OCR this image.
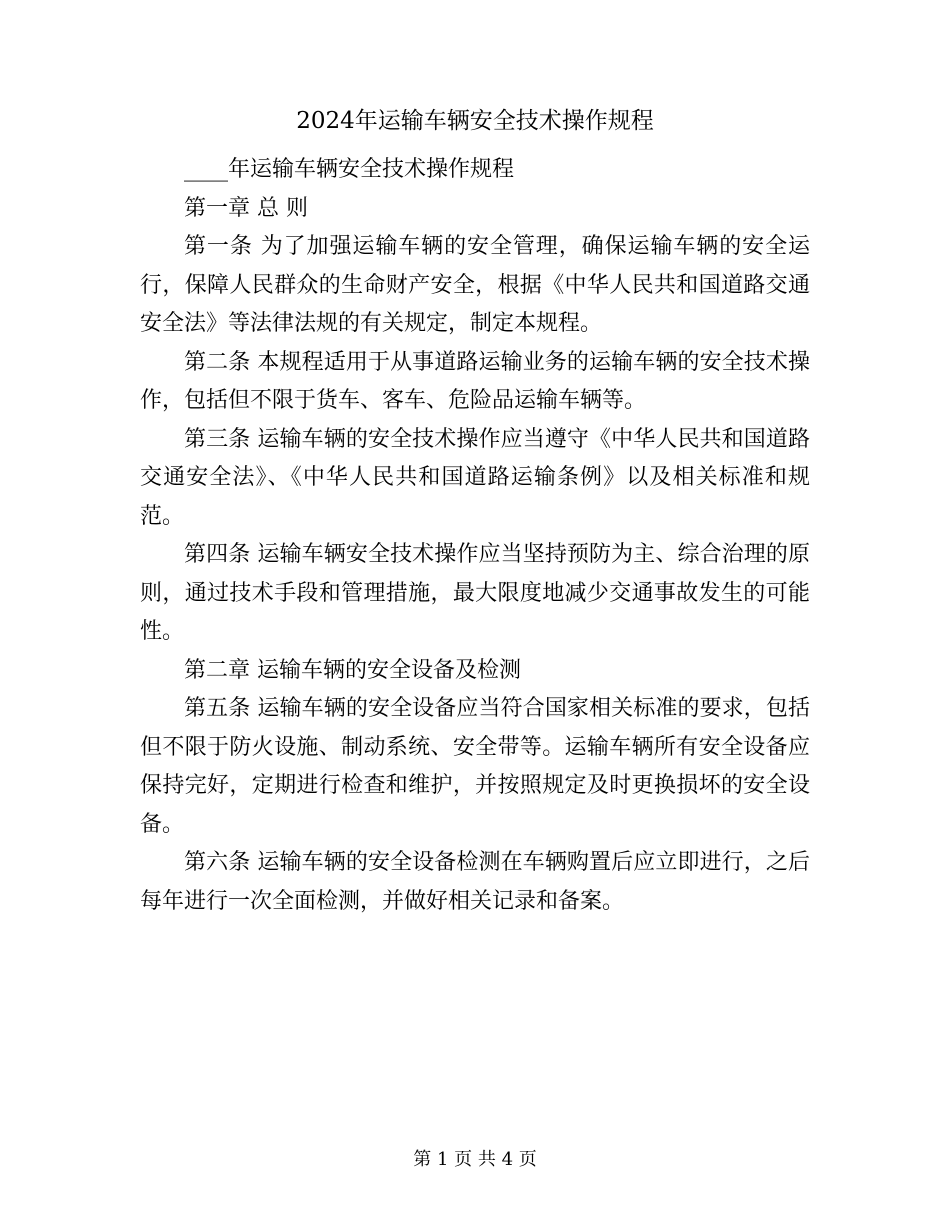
2024年运输车辆安全技术操作规程

____年运输车辆安全技术操作规程

第一章 总 则

第一条 为了加强运输车辆的安全管理，确保运输车辆的安全运行，保障人民群众的生命财产安全，根据《中华人民共和国道路交通安全法》等法律法规的有关规定，制定本规程。

第二条 本规程适用于从事道路运输业务的运输车辆的安全技术操作，包括但不限于货车、客车、危险品运输车辆等。

第三条 运输车辆的安全技术操作应当遵守《中华人民共和国道路交通安全法》、《中华人民共和国道路运输条例》以及相关标准和规范。

第四条 运输车辆安全技术操作应当坚持预防为主、综合治理的原则，通过技术手段和管理措施，最大限度地减少交通事故发生的可能性。

第二章 运输车辆的安全设备及检测

第五条 运输车辆的安全设备应当符合国家相关标准的要求，包括但不限于防火设施、制动系统、安全带等。运输车辆所有安全设备应保持完好，定期进行检查和维护，并按照规定及时更换损坏的安全设备。

第六条 运输车辆的安全设备检测在车辆购置后应立即进行，之后每年进行一次全面检测，并做好相关记录和备案。

第 1 页 共 4 页
